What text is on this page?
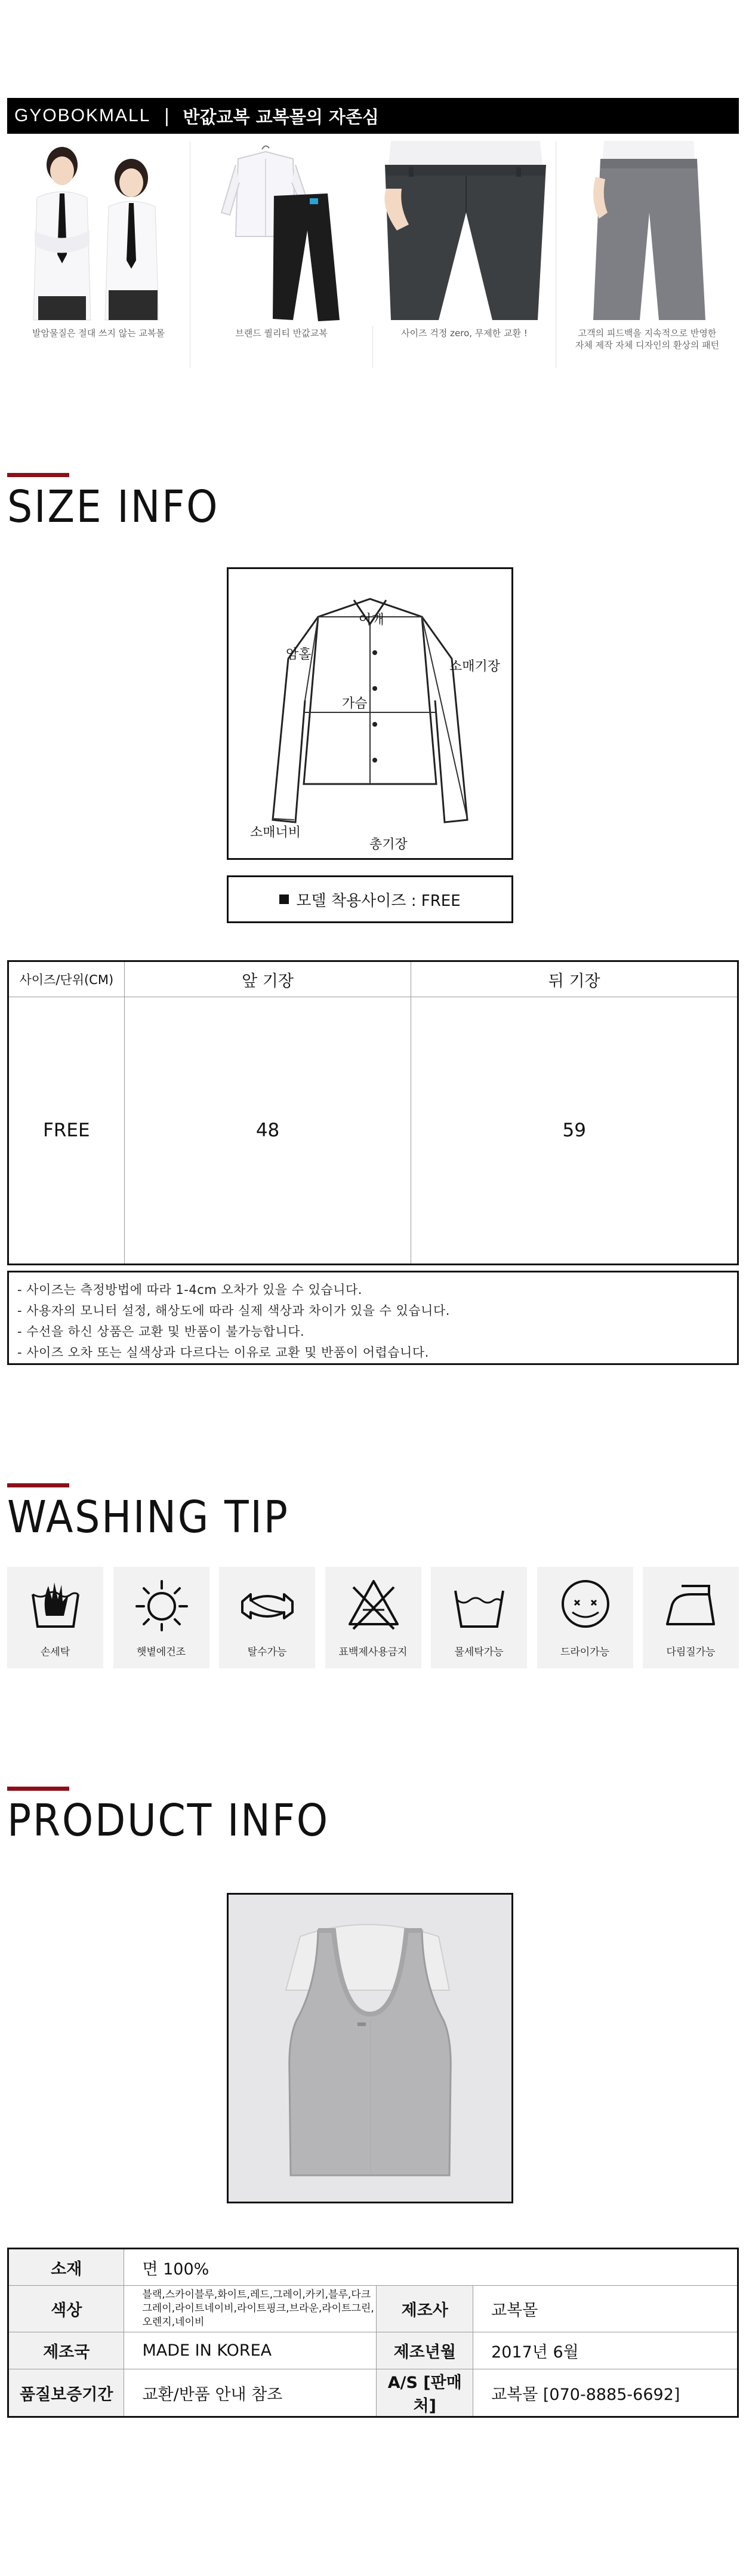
GYOBOKMALL | 반값교복 교복몰의 자존심
발암물질은 절대 쓰지 않는 교복몰	브랜드 퀄리티 반값교복	사이즈 걱정 zero, 무제한 교환 !	고객의 피드백을 지속적으로 반영한
자체 제작 자체 디자인의 환상의 패턴
SIZE INFO
어깨
암홀
소매기장
가슴
소매너비
총기장
모델 착용사이즈 : FREE
사이즈/단위(CM)	앞 기장	뒤 기장
FREE	48	59

- 사이즈는 측정방법에 따라 1-4cm 오차가 있을 수 있습니다.

- 사용자의 모니터 설정, 해상도에 따라 실제 색상과 차이가 있을 수 있습니다.

- 수선을 하신 상품은 교환 및 반품이 불가능합니다.

- 사이즈 오차 또는 실색상과 다르다는 이유로 교환 및 반품이 어렵습니다.

WASHING TIP
손세탁	햇볕에건조	탈수가능	표백제사용금지	물세탁가능	드라이가능	다림질가능
PRODUCT INFO
소재	면 100%		
색상	블랙,스카이블루,화이트,레드,그레이,카키,블루,다크그레이,라이트네이비,라이트핑크,브라운,라이트그린,오렌지,네이비	제조사	교복몰
제조국	MADE IN KOREA	제조년월	2017년 6월
품질보증기간	교환/반품 안내 참조	A/S [판매처]	교복몰 [070-8885-6692]
